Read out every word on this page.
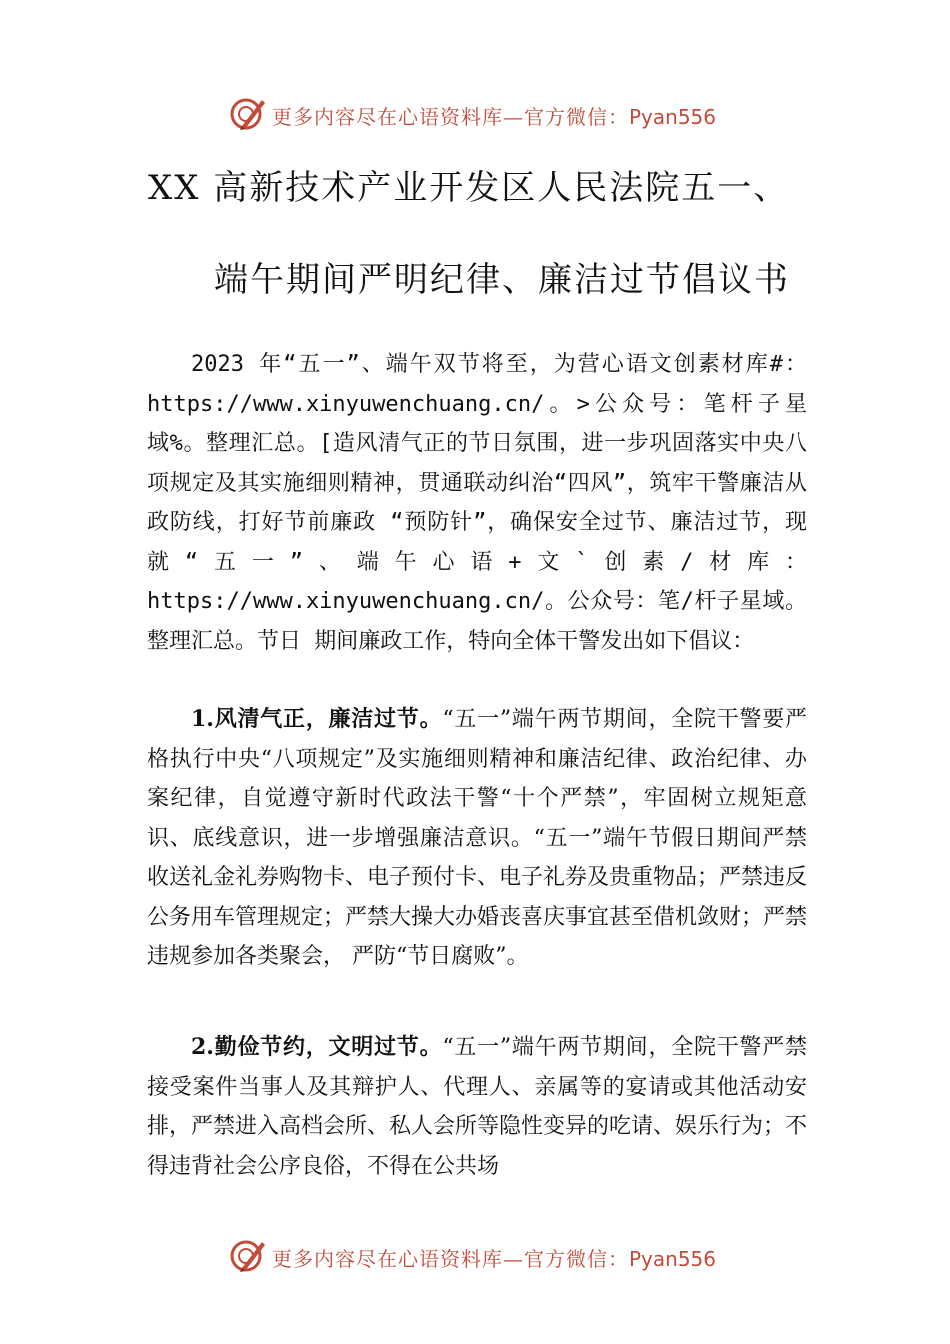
更多内容尽在心语资料库—官方微信：Pyan556
XX 高新技术产业开发区人民法院五一、
端午期间严明纪律、廉洁过节倡议书

2023 年“五一”、端午双节将至，为营心语文创素材库#：https://www.xinyuwenchuang.cn/。>公众号：笔杆子星域%。整理汇总。[造风清气正的节日氛围，进一步巩固落实中央八项规定及其实施细则精神，贯通联动纠治“四风”，筑牢干警廉洁从政防线，打好节前廉政 “预防针”，确保安全过节、廉洁过节，现就“五一”、端午心语+文`创素/材库：https://www.xinyuwenchuang.cn/。公众号：笔/杆子星域。整理汇总。节日 期间廉政工作，特向全体干警发出如下倡议：

1.风清气正，廉洁过节。“五一”端午两节期间，全院干警要严格执行中央“八项规定”及实施细则精神和廉洁纪律、政治纪律、办案纪律，自觉遵守新时代政法干警“十个严禁”，牢固树立规矩意识、底线意识，进一步增强廉洁意识。“五一”端午节假日期间严禁收送礼金礼券购物卡、电子预付卡、电子礼券及贵重物品；严禁违反公务用车管理规定；严禁大操大办婚丧喜庆事宜甚至借机敛财；严禁违规参加各类聚会， 严防“节日腐败”。

2.勤俭节约，文明过节。“五一”端午两节期间，全院干警严禁接受案件当事人及其辩护人、代理人、亲属等的宴请或其他活动安排，严禁进入高档会所、私人会所等隐性变异的吃请、娱乐行为；不得违背社会公序良俗，不得在公共场

更多内容尽在心语资料库—官方微信：Pyan556
